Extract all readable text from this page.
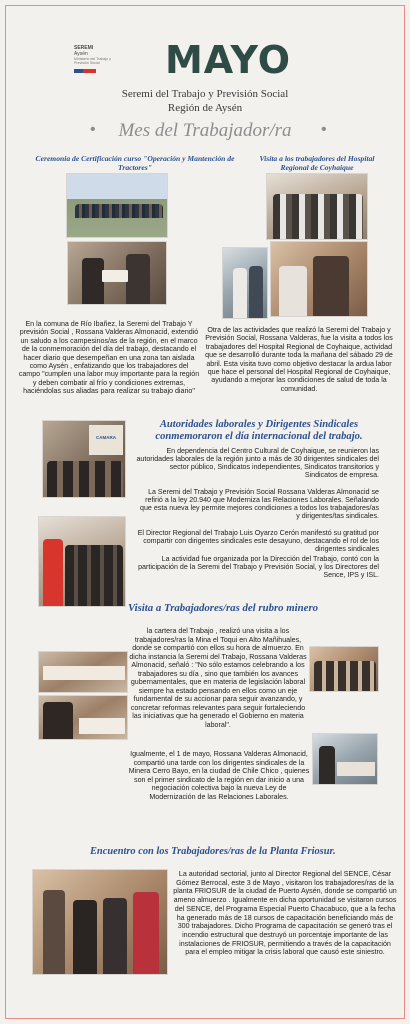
SEREMI
Aysén
Ministerio del Trabajo y Previsión Social	MAYO
Seremi del Trabajo y Previsión Social
Región de Aysén
•	Mes del Trabajador/ra	•
Ceremonia de Certificación curso "Operación y Mantención de Tractores"
Visita a los trabajadores del Hospital Regional de Coyhaique
En la comuna de Río Ibañez, la Seremi del Trabajo Y previsión Social , Rossana Valderas Almonacid, extendió un saludo a los campesinos/as de la región, en el marco de la conmemoración del día del trabajo, destacando el hacer diario que desempeñan en una zona tan aislada como Aysén , enfatizando que los trabajadores del campo "cumplen una labor muy importante para la región y deben combatir al frío y condiciones extremas, haciéndolas sus aliadas para realizar su trabajo diario"
Otra de las actividades que realizó la Seremi del Trabajo y Previsión Social, Rossana Valderas, fue la visita a todos los trabajadores del Hospital Regional de Coyhaique, actividad que se desarrolló durante toda la mañana del sábado 29 de abril. Esta visita tuvo como objetivo destacar la ardua labor que hace el personal del Hospital Regional de Coyhaique, ayudando a mejorar las condiciones de salud de toda la comunidad.
Autoridades laborales y Dirigentes Sindicales conmemoraron el día internacional del trabajo.
CAMARA
En dependencia del Centro Cultural de Coyhaique, se reunieron las autoridades laborales de la región junto a más de 30 dirigentes sindicales del sector público, Sindicatos independientes, Sindicatos transitorios y Sindicatos de empresa.
La Seremi del Trabajo y Previsión Social Rossana Valderas Almonacid se refirió a la ley 20.940 que Moderniza las Relaciones Laborales. Señalando que esta nueva ley permite mejores condiciones a todos los trabajadores/as y dirigentes/tas sindicales.
El Director Regional del Trabajo Luis Oyarzo Cerón manifestó su gratitud por compartir con dirigentes sindicales este desayuno, destacando el rol de los dirigentes sindicales
La actividad fue organizada por la Dirección del Trabajo, contó con la participación de la Seremi del Trabajo y Previsión Social, y los Directores del Sence, IPS y ISL.
Visita a Trabajadores/ras del rubro minero
la cartera del Trabajo , realizó una visita a los trabajadores/ras la Mina el Toqui en Alto Mañihuales, donde se compartió con ellos su hora de almuerzo. En dicha instancia la Seremi del Trabajo, Rossana Valderas Almonacid, señaló : "No sólo estamos celebrando a los trabajadores su día , sino que también los avances gubernamentales, que en materia de legislación laboral siempre ha estado pensando en ellos como un eje fundamental de su accionar para seguir avanzando, y concretar reformas relevantes para seguir fortaleciendo las iniciativas que ha generado el Gobierno en materia laboral".
Igualmente, el 1 de mayo, Rossana Valderas Almonacid, compartió una tarde con los dirigentes sindicales de la Minera Cerro Bayo, en la ciudad de Chile Chico , quienes son el primer sindicato de la región en dar inicio a una negociación colectiva bajo la nueva Ley de Modernización de las Relaciones Laborales.
Encuentro con los Trabajadores/ras de la Planta Friosur.
La autoridad sectorial, junto al Director Regional del SENCE, César Gómez Berrocal, este 3 de Mayo , visitaron los trabajadores/ras de la planta FRIOSUR de la ciudad de Puerto Aysén, donde se compartió un ameno almuerzo . Igualmente en dicha oportunidad se visitaron cursos del SENCE, del Programa Especial Puerto Chacabuco, que a la fecha ha generado más de 18 cursos de capacitación beneficiando más de 300 trabajadores. Dicho Programa de capacitación se generó tras el incendio estructural que destruyó un porcentaje importante de las instalaciones de FRIOSUR, permitiendo a través de la capacitación para el empleo mitigar la crisis laboral que causó este siniestro.
